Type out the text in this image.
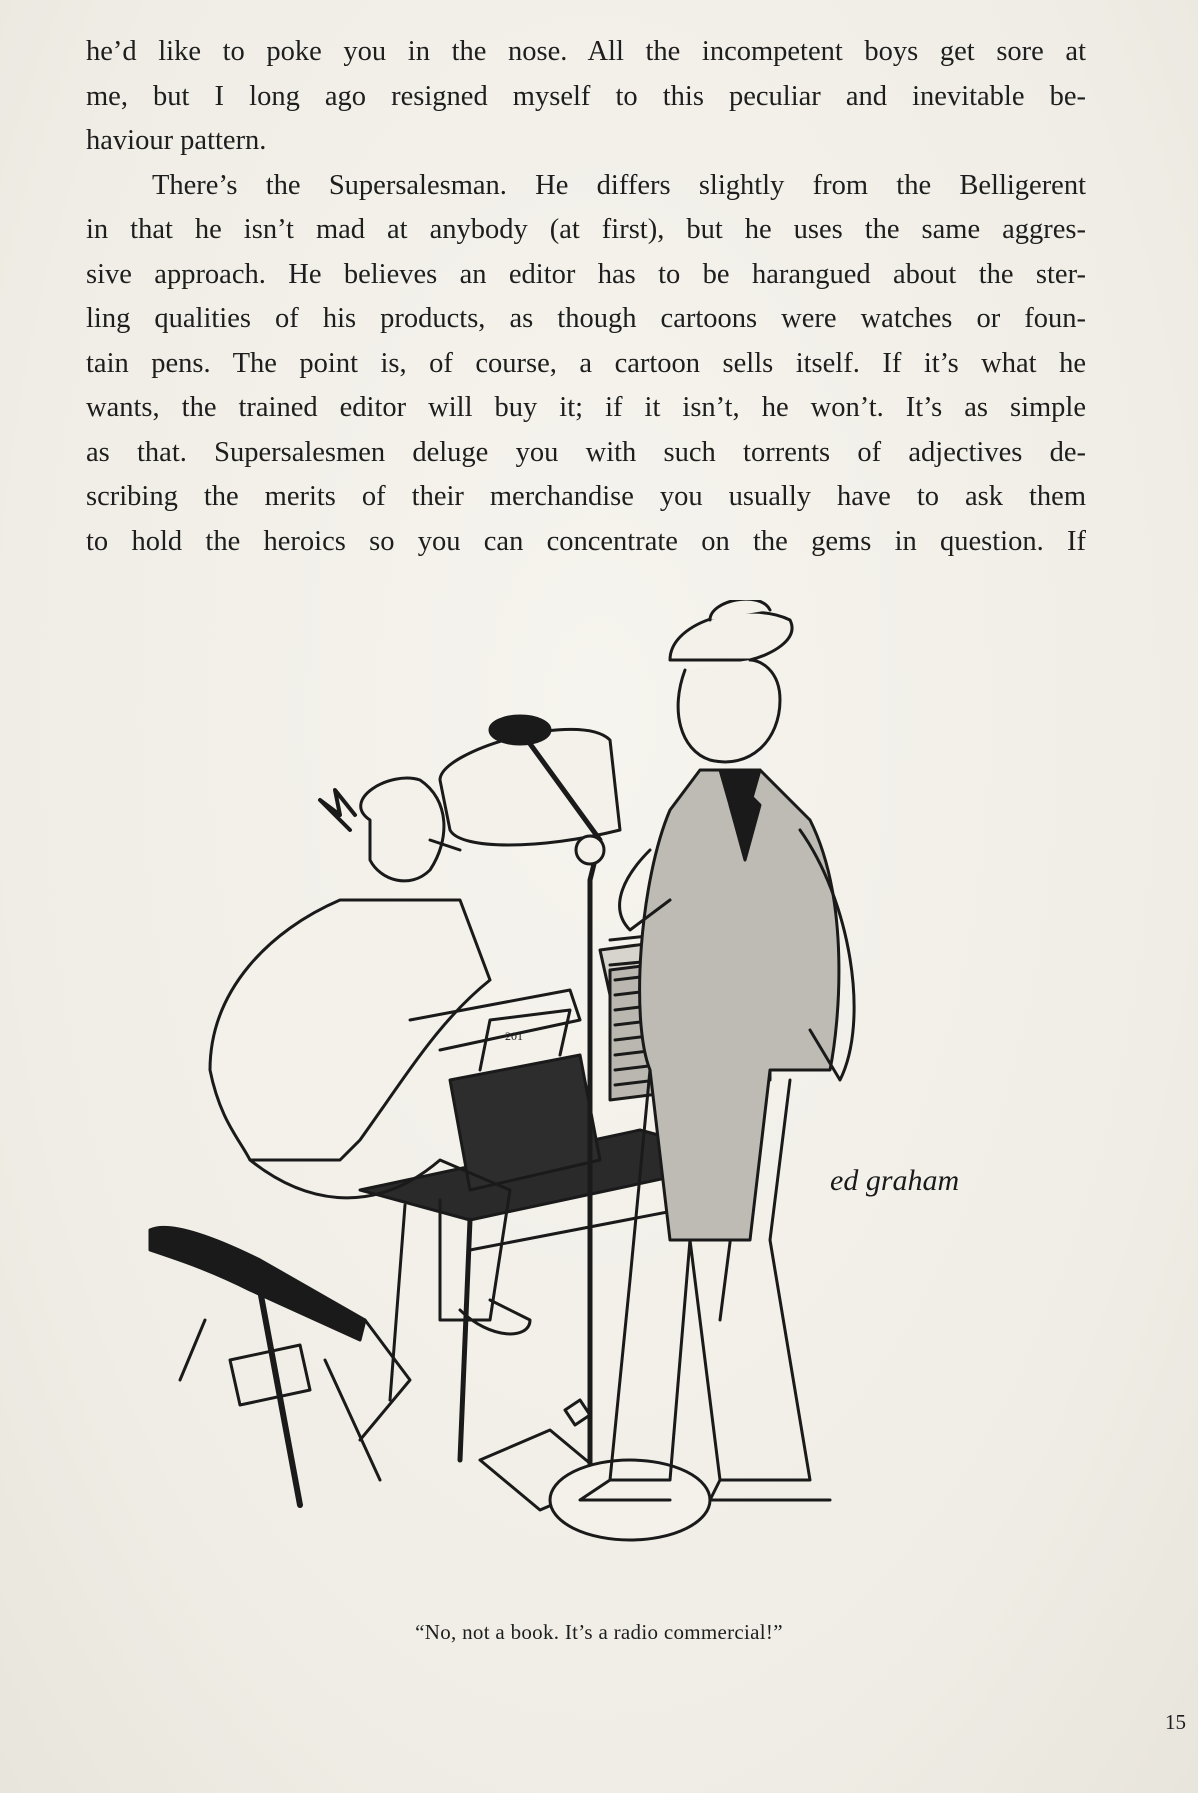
he’d like to poke you in the nose. All the incompetent boys get sore at
me, but I long ago resigned myself to this peculiar and inevitable be-
haviour pattern.
There’s the Supersalesman. He differs slightly from the Belligerent
in that he isn’t mad at anybody (at first), but he uses the same aggres-
sive approach. He believes an editor has to be harangued about the ster-
ling qualities of his products, as though cartoons were watches or foun-
tain pens. The point is, of course, a cartoon sells itself. If it’s what he
wants, the trained editor will buy it; if it isn’t, he won’t. It’s as simple
as that. Supersalesmen deluge you with such torrents of adjectives de-
scribing the merits of their merchandise you usually have to ask them
to hold the heroics so you can concentrate on the gems in question. If
201
ed graham
“No, not a book. It’s a radio commercial!”
15
